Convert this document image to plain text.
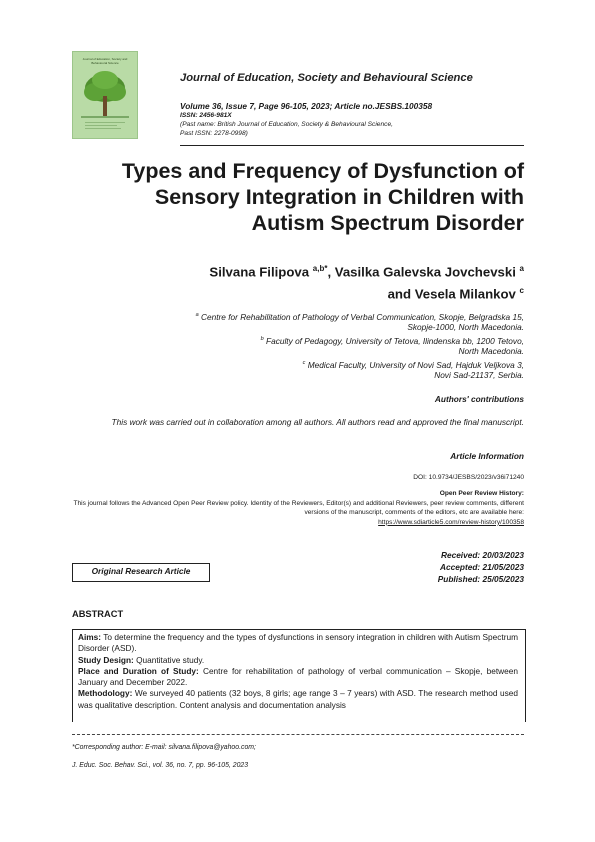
Journal of Education, Society and Behavioural Science
Journal of Education, Society and Behavioural Science
Volume 36, Issue 7, Page 96-105, 2023; Article no.JESBS.100358
ISSN: 2456-981X
(Past name: British Journal of Education, Society & Behavioural Science,
Past ISSN: 2278-0998)
Types and Frequency of Dysfunction of
Sensory Integration in Children with
Autism Spectrum Disorder
Silvana Filipova $^{a,b*}$, Vasilka Galevska Jovchevski $^a$
and Vesela Milankov $^c$
$^a$ Centre for Rehabilitation of Pathology of Verbal Communication, Skopje, Belgradska 15,
Skopje-1000, North Macedonia.
$^b$ Faculty of Pedagogy, University of Tetova, Ilindenska bb, 1200 Tetovo,
North Macedonia.
$^c$ Medical Faculty, University of Novi Sad, Hajduk Veljkova 3,
Novi Sad-21137, Serbia.
Authors' contributions
This work was carried out in collaboration among all authors. All authors read and approved the final manuscript.
Article Information
DOI: 10.9734/JESBS/2023/v36i71240
Open Peer Review History:
This journal follows the Advanced Open Peer Review policy. Identity of the Reviewers, Editor(s) and additional Reviewers, peer review comments, different versions of the manuscript, comments of the editors, etc are available here:
https://www.sdiarticle5.com/review-history/100358
Original Research Article
Received: 20/03/2023
Accepted: 21/05/2023
Published: 25/05/2023
ABSTRACT

Aims: To determine the frequency and the types of dysfunctions in sensory integration in children with Autism Spectrum Disorder (ASD).

Study Design: Quantitative study.

Place and Duration of Study: Centre for rehabilitation of pathology of verbal communication – Skopje, between January and December 2022.

Methodology: We surveyed 40 patients (32 boys, 8 girls; age range 3 – 7 years) with ASD. The research method used was qualitative description. Content analysis and documentation analysis

*Corresponding author: E-mail: silvana.filipova@yahoo.com;
J. Educ. Soc. Behav. Sci., vol. 36, no. 7, pp. 96-105, 2023
